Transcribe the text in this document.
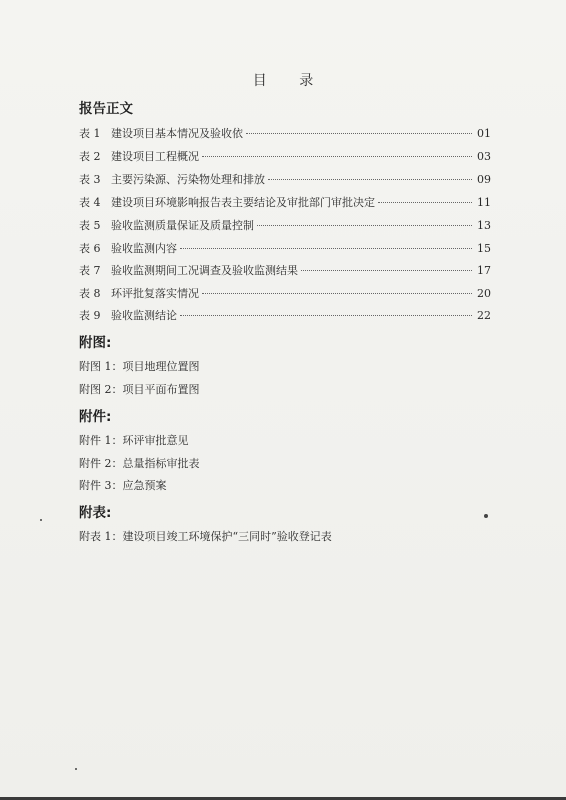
目 录
报告正文
表 1 建设项目基本情况及验收依	01
表 2 建设项目工程概况	03
表 3 主要污染源、污染物处理和排放	09
表 4 建设项目环境影响报告表主要结论及审批部门审批决定	11
表 5 验收监测质量保证及质量控制	13
表 6 验收监测内容	15
表 7 验收监测期间工况调查及验收监测结果	17
表 8 环评批复落实情况	20
表 9 验收监测结论	22
附图:
附图 1：项目地理位置图
附图 2：项目平面布置图
附件:
附件 1：环评审批意见
附件 2：总量指标审批表
附件 3：应急预案
附表:
附表 1：建设项目竣工环境保护“三同时”验收登记表
